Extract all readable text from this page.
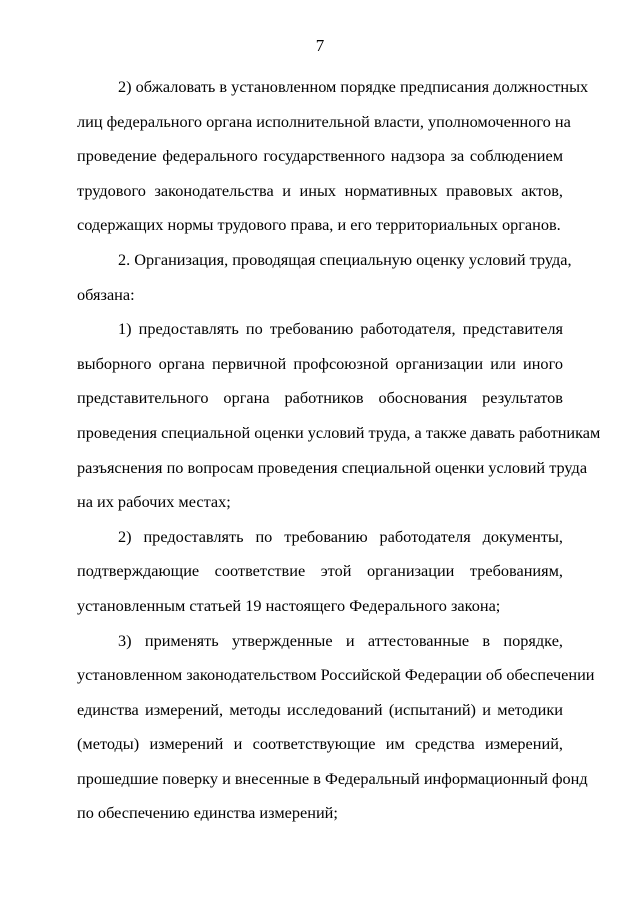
7
2) обжаловать в установленном порядке предписания должностных
лиц федерального органа исполнительной власти, уполномоченного на
проведение федерального государственного надзора за соблюдением
трудового законодательства и иных нормативных правовых актов,
содержащих нормы трудового права, и его территориальных органов.
2. Организация, проводящая специальную оценку условий труда,
обязана:
1) предоставлять по требованию работодателя, представителя
выборного органа первичной профсоюзной организации или иного
представительного органа работников обоснования результатов
проведения специальной оценки условий труда, а также давать работникам
разъяснения по вопросам проведения специальной оценки условий труда
на их рабочих местах;
2) предоставлять по требованию работодателя документы,
подтверждающие соответствие этой организации требованиям,
установленным статьей 19 настоящего Федерального закона;
3) применять утвержденные и аттестованные в порядке,
установленном законодательством Российской Федерации об обеспечении
единства измерений, методы исследований (испытаний) и методики
(методы) измерений и соответствующие им средства измерений,
прошедшие поверку и внесенные в Федеральный информационный фонд
по обеспечению единства измерений;
